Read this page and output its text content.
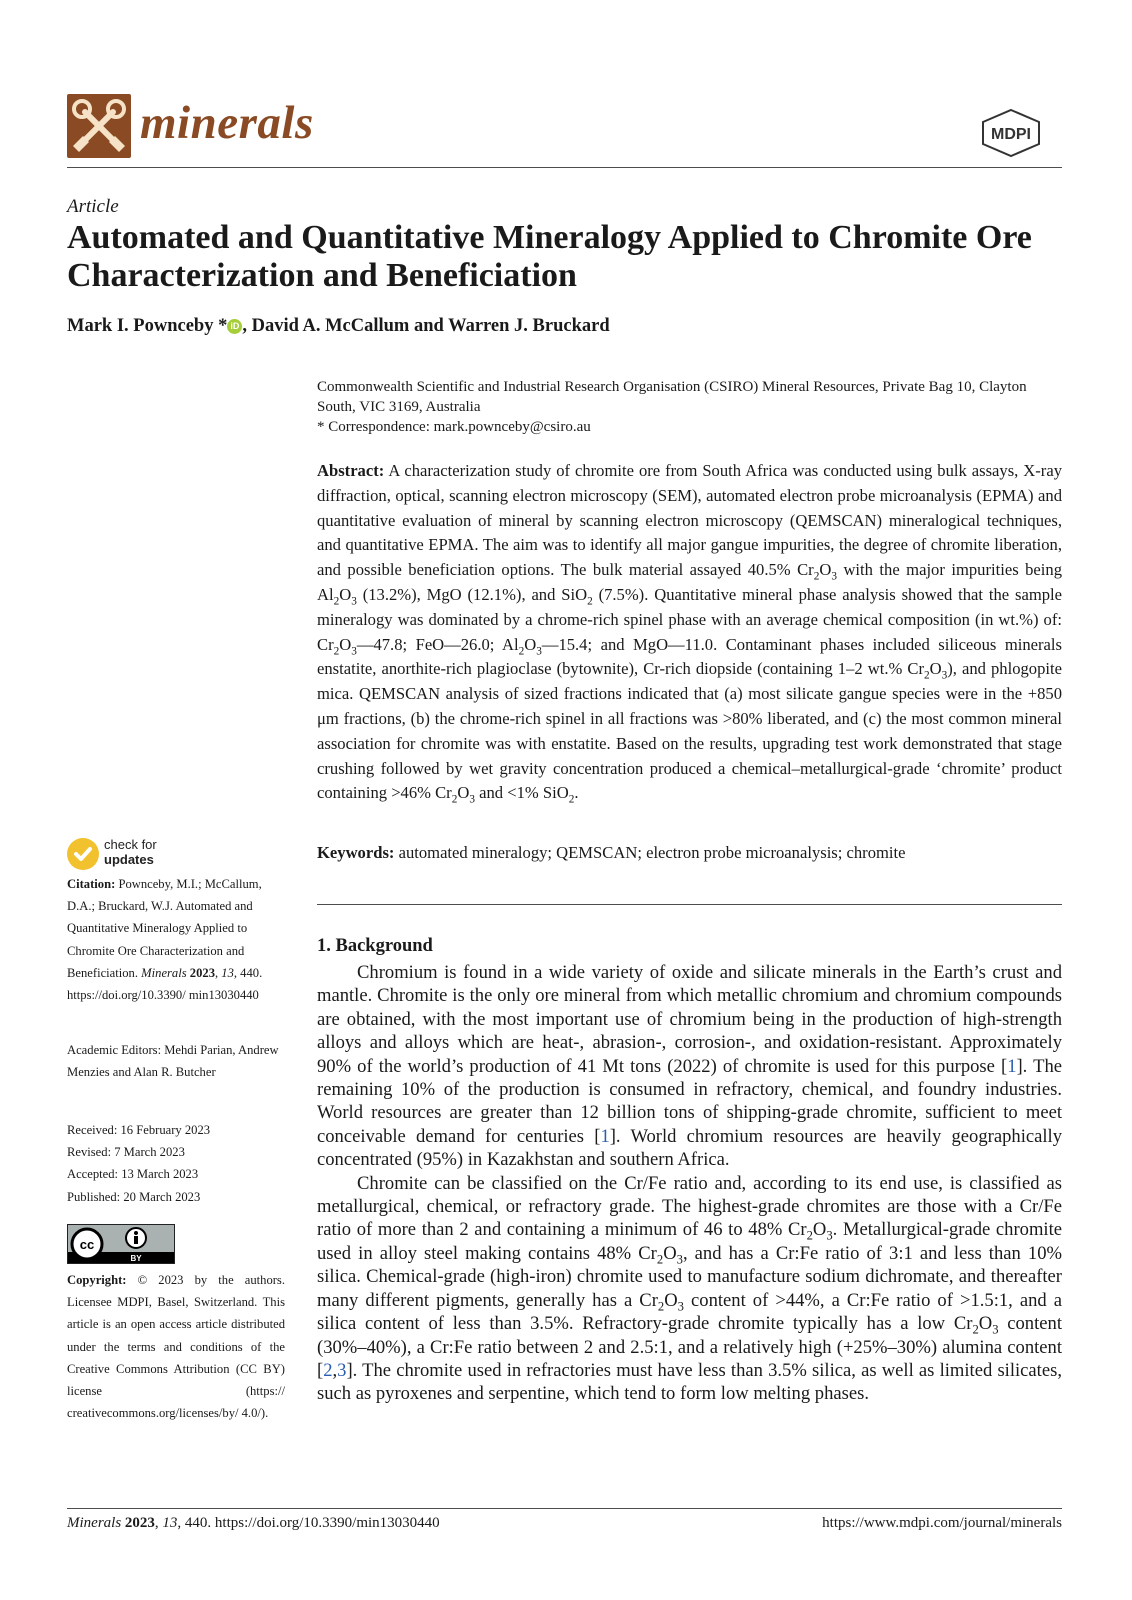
minerals	MDPI
Article
Automated and Quantitative Mineralogy Applied to Chromite Ore Characterization and Beneficiation
Mark I. Pownceby * iD , David A. McCallum and Warren J. Bruckard
Commonwealth Scientific and Industrial Research Organisation (CSIRO) Mineral Resources, Private Bag 10, Clayton South, VIC 3169, Australia
* Correspondence: mark.pownceby@csiro.au
Abstract: A characterization study of chromite ore from South Africa was conducted using bulk assays, X-ray diffraction, optical, scanning electron microscopy (SEM), automated electron probe microanalysis (EPMA) and quantitative evaluation of mineral by scanning electron microscopy (QEMSCAN) mineralogical techniques, and quantitative EPMA. The aim was to identify all major gangue impurities, the degree of chromite liberation, and possible beneficiation options. The bulk material assayed 40.5% $Cr_2O_3$ with the major impurities being $Al_2O_3$ (13.2%), MgO (12.1%), and SiO$_2$ (7.5%). Quantitative mineral phase analysis showed that the sample mineralogy was dominated by a chrome-rich spinel phase with an average chemical composition (in wt.%) of: $Cr_2O_3—47.8$; FeO—26.0; $Al_2O_3—15.4$; and MgO—11.0. Contaminant phases included siliceous minerals enstatite, anorthite-rich plagioclase (bytownite), Cr-rich diopside (containing 1–2 wt.% $Cr_2O_3$), and phlogopite mica. QEMSCAN analysis of sized fractions indicated that (a) most silicate gangue species were in the +850 μm fractions, (b) the chrome-rich spinel in all fractions was >80% liberated, and (c) the most common mineral association for chromite was with enstatite. Based on the results, upgrading test work demonstrated that stage crushing followed by wet gravity concentration produced a chemical–metallurgical-grade ‘chromite’ product containing >46% $Cr_2O_3$ and <1% SiO$_2$.
Keywords: automated mineralogy; QEMSCAN; electron probe microanalysis; chromite
1. Background

Chromium is found in a wide variety of oxide and silicate minerals in the Earth’s crust and mantle. Chromite is the only ore mineral from which metallic chromium and chromium compounds are obtained, with the most important use of chromium being in the production of high-strength alloys and alloys which are heat-, abrasion-, corrosion-, and oxidation-resistant. Approximately 90% of the world’s production of 41 Mt tons (2022) of chromite is used for this purpose [1]. The remaining 10% of the production is consumed in refractory, chemical, and foundry industries. World resources are greater than 12 billion tons of shipping-grade chromite, sufficient to meet conceivable demand for centuries [1]. World chromium resources are heavily geographically concentrated (95%) in Kazakhstan and southern Africa.

Chromite can be classified on the Cr/Fe ratio and, according to its end use, is classified as metallurgical, chemical, or refractory grade. The highest-grade chromites are those with a Cr/Fe ratio of more than 2 and containing a minimum of 46 to 48% $Cr_2O_3$. Metallurgical-grade chromite used in alloy steel making contains 48% $Cr_2O_3$, and has a Cr:Fe ratio of 3:1 and less than 10% silica. Chemical-grade (high-iron) chromite used to manufacture sodium dichromate, and thereafter many different pigments, generally has a $Cr_2O_3$ content of >44%, a Cr:Fe ratio of >1.5:1, and a silica content of less than 3.5%. Refractory-grade chromite typically has a low $Cr_2O_3$ content (30%–40%), a Cr:Fe ratio between 2 and 2.5:1, and a relatively high (+25%–30%) alumina content [2,3]. The chromite used in refractories must have less than 3.5% silica, as well as limited silicates, such as pyroxenes and serpentine, which tend to form low melting phases.

check for
updates
Citation: Pownceby, M.I.; McCallum, D.A.; Bruckard, W.J. Automated and Quantitative Mineralogy Applied to Chromite Ore Characterization and Beneficiation. Minerals 2023, 13, 440. https://doi.org/10.3390/ min13030440
Academic Editors: Mehdi Parian, Andrew Menzies and Alan R. Butcher
Received: 16 February 2023
Revised: 7 March 2023
Accepted: 13 March 2023
Published: 20 March 2023
cc
BY
Copyright: © 2023 by the authors. Licensee MDPI, Basel, Switzerland. This article is an open access article distributed under the terms and conditions of the Creative Commons Attribution (CC BY) license (https:// creativecommons.org/licenses/by/ 4.0/).
Minerals 2023, 13, 440. https://doi.org/10.3390/min13030440	https://www.mdpi.com/journal/minerals
